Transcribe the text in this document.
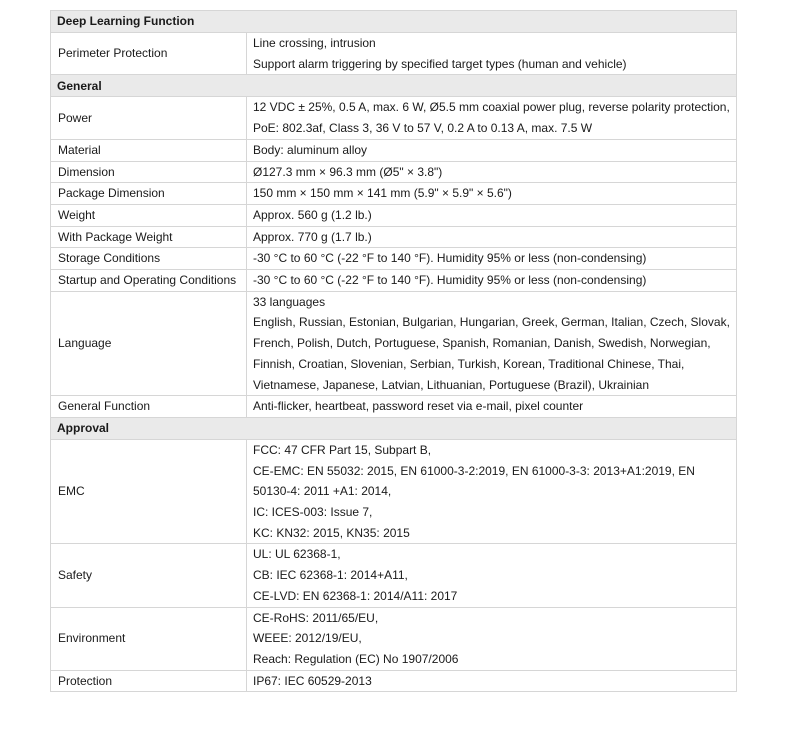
Deep Learning Function	
Perimeter Protection	Line crossing, intrusion
Support alarm triggering by specified target types (human and vehicle)

General	
Power	12 VDC ± 25%, 0.5 A, max. 6 W, Ø5.5 mm coaxial power plug, reverse polarity protection,
PoE: 802.3af, Class 3, 36 V to 57 V, 0.2 A to 0.13 A, max. 7.5 W

Material	Body: aluminum alloy
Dimension	Ø127.3 mm × 96.3 mm (Ø5" × 3.8")
Package Dimension	150 mm × 150 mm × 141 mm (5.9" × 5.9" × 5.6")
Weight	Approx. 560 g (1.2 lb.)
With Package Weight	Approx. 770 g (1.7 lb.)
Storage Conditions	-30 °C to 60 °C (-22 °F to 140 °F). Humidity 95% or less (non-condensing)
Startup and Operating Conditions	-30 °C to 60 °C (-22 °F to 140 °F). Humidity 95% or less (non-condensing)
Language	33 languages
English, Russian, Estonian, Bulgarian, Hungarian, Greek, German, Italian, Czech, Slovak, French, Polish, Dutch, Portuguese, Spanish, Romanian, Danish, Swedish, Norwegian, Finnish, Croatian, Slovenian, Serbian, Turkish, Korean, Traditional Chinese, Thai, Vietnamese, Japanese, Latvian, Lithuanian, Portuguese (Brazil), Ukrainian

General Function	Anti-flicker, heartbeat, password reset via e-mail, pixel counter
Approval	
EMC	FCC: 47 CFR Part 15, Subpart B,
CE-EMC: EN 55032: 2015, EN 61000-3-2:2019, EN 61000-3-3: 2013+A1:2019, EN 50130-4: 2011 +A1: 2014,
IC: ICES-003: Issue 7,
KC: KN32: 2015, KN35: 2015

Safety	UL: UL 62368-1,
CB: IEC 62368-1: 2014+A11,
CE-LVD: EN 62368-1: 2014/A11: 2017

Environment	CE-RoHS: 2011/65/EU,
WEEE: 2012/19/EU,
Reach: Regulation (EC) No 1907/2006

Protection	IP67: IEC 60529-2013
